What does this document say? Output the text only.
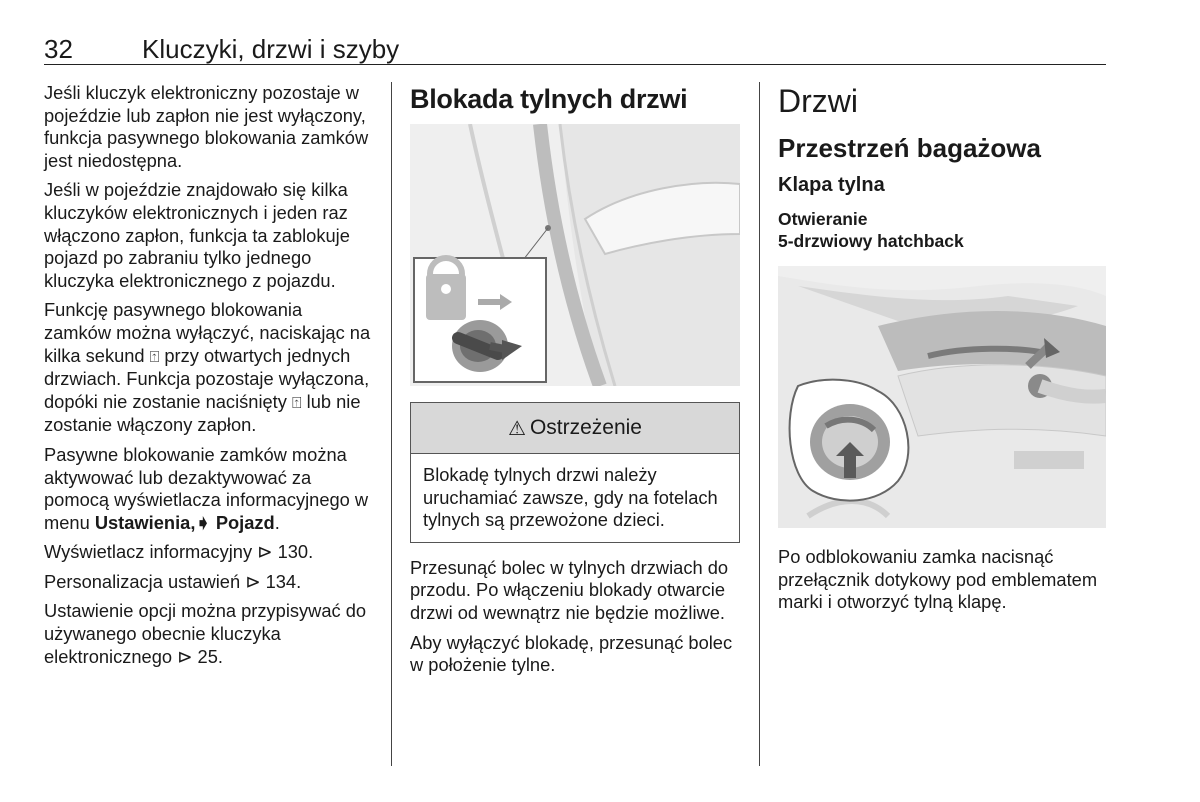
32	Kluczyki, drzwi i szyby

Jeśli kluczyk elektroniczny pozostaje w pojeździe lub zapłon nie jest wyłączony, funkcja pasywnego blokowania zamków jest niedostępna.

Jeśli w pojeździe znajdowało się kilka kluczyków elektronicznych i jeden raz włączono zapłon, funkcja ta zablokuje pojazd po zabraniu tylko jednego kluczyka elektronicznego z pojazdu.

Funkcję pasywnego blokowania zamków można wyłączyć, naciskając na kilka sekund ⍐ przy otwartych jednych drzwiach. Funkcja pozostaje wyłączona, dopóki nie zostanie naciśnięty ⍐ lub nie zostanie włączony zapłon.

Pasywne blokowanie zamków można aktywować lub dezaktywować za pomocą wyświetlacza informacyjnego w menu Ustawienia,➧ Pojazd.

Wyświetlacz informacyjny ⊳ 130.

Personalizacja ustawień ⊳ 134.

Ustawienie opcji można przypisywać do używanego obecnie kluczyka elektronicznego ⊳ 25.

Blokada tylnych drzwi
⚠ Ostrzeżenie
Blokadę tylnych drzwi należy uruchamiać zawsze, gdy na fotelach tylnych są przewożone dzieci.

Przesunąć bolec w tylnych drzwiach do przodu. Po włączeniu blokady otwarcie drzwi od wewnątrz nie będzie możliwe.

Aby wyłączyć blokadę, przesunąć bolec w położenie tylne.

Drzwi
Przestrzeń bagażowa
Klapa tylna
Otwieranie
5-drzwiowy hatchback

Po odblokowaniu zamka nacisnąć przełącznik dotykowy pod emblematem marki i otworzyć tylną klapę.
